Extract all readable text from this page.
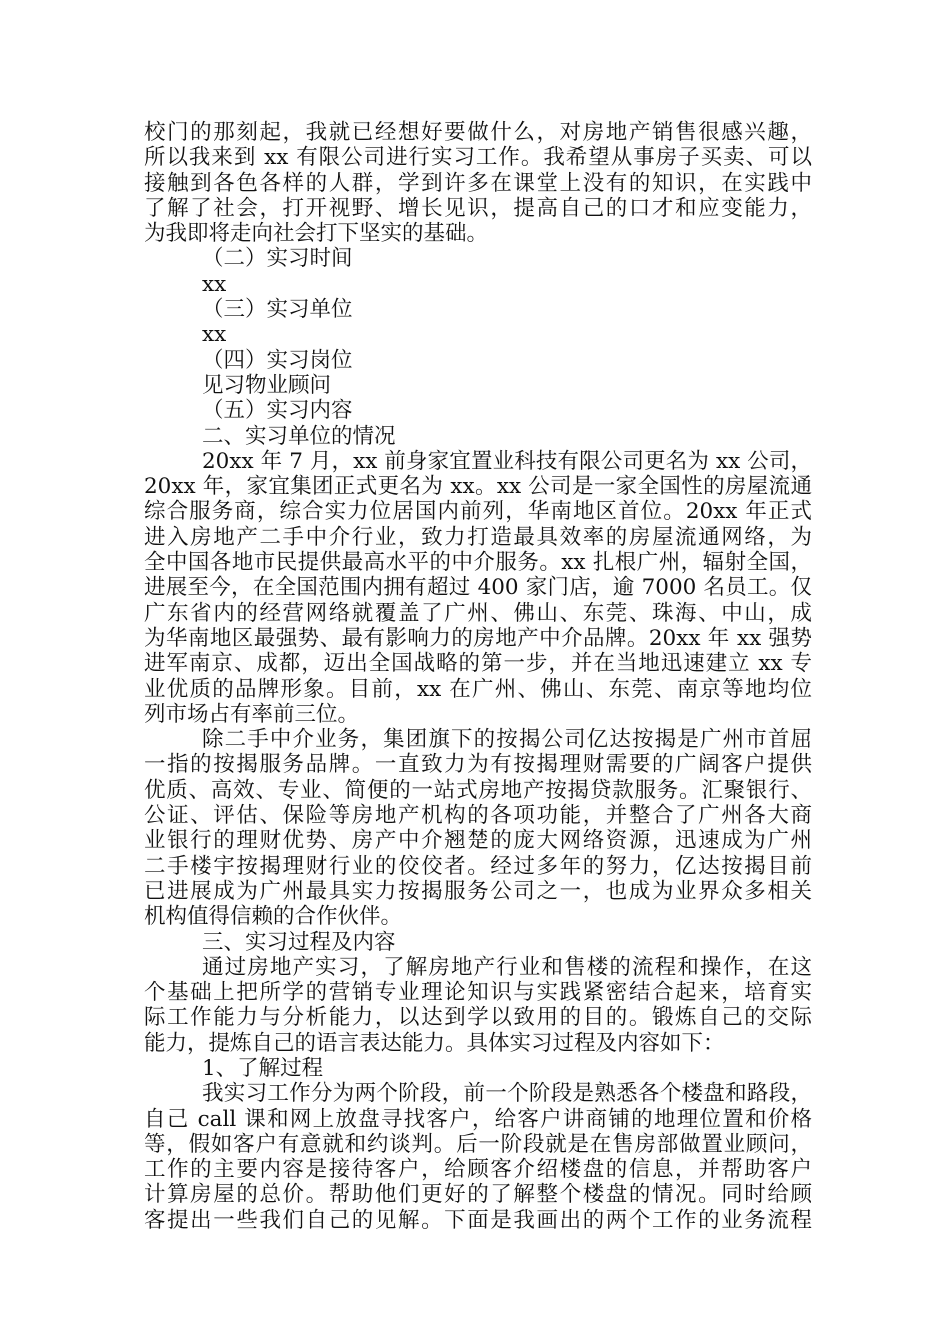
校门的那刻起，我就已经想好要做什么，对房地产销售很感兴趣，
所以我来到 xx 有限公司进行实习工作。我希望从事房子买卖、可以
接触到各色各样的人群，学到许多在课堂上没有的知识，在实践中
了解了社会，打开视野、增长见识，提高自己的口才和应变能力，
为我即将走向社会打下坚实的基础。
（二）实习时间
xx
（三）实习单位
xx
（四）实习岗位
见习物业顾问
（五）实习内容
二、实习单位的情况
20xx 年 7 月，xx 前身家宜置业科技有限公司更名为 xx 公司，
20xx 年，家宜集团正式更名为 xx。xx 公司是一家全国性的房屋流通
综合服务商，综合实力位居国内前列，华南地区首位。20xx 年正式
进入房地产二手中介行业，致力打造最具效率的房屋流通网络，为
全中国各地市民提供最高水平的中介服务。xx 扎根广州，辐射全国，
进展至今，在全国范围内拥有超过 400 家门店，逾 7000 名员工。仅
广东省内的经营网络就覆盖了广州、佛山、东莞、珠海、中山，成
为华南地区最强势、最有影响力的房地产中介品牌。20xx 年 xx 强势
进军南京、成都，迈出全国战略的第一步，并在当地迅速建立 xx 专
业优质的品牌形象。目前，xx 在广州、佛山、东莞、南京等地均位
列市场占有率前三位。
除二手中介业务，集团旗下的按揭公司亿达按揭是广州市首屈
一指的按揭服务品牌。一直致力为有按揭理财需要的广阔客户提供
优质、高效、专业、简便的一站式房地产按揭贷款服务。汇聚银行、
公证、评估、保险等房地产机构的各项功能，并整合了广州各大商
业银行的理财优势、房产中介翘楚的庞大网络资源，迅速成为广州
二手楼宇按揭理财行业的佼佼者。经过多年的努力，亿达按揭目前
已进展成为广州最具实力按揭服务公司之一，也成为业界众多相关
机构值得信赖的合作伙伴。
三、实习过程及内容
通过房地产实习，了解房地产行业和售楼的流程和操作，在这
个基础上把所学的营销专业理论知识与实践紧密结合起来，培育实
际工作能力与分析能力，以达到学以致用的目的。锻炼自己的交际
能力，提炼自己的语言表达能力。具体实习过程及内容如下：
1、了解过程
我实习工作分为两个阶段，前一个阶段是熟悉各个楼盘和路段，
自己 call 课和网上放盘寻找客户，给客户讲商铺的地理位置和价格
等，假如客户有意就和约谈判。后一阶段就是在售房部做置业顾问，
工作的主要内容是接待客户，给顾客介绍楼盘的信息，并帮助客户
计算房屋的总价。帮助他们更好的了解整个楼盘的情况。同时给顾
客提出一些我们自己的见解。下面是我画出的两个工作的业务流程
